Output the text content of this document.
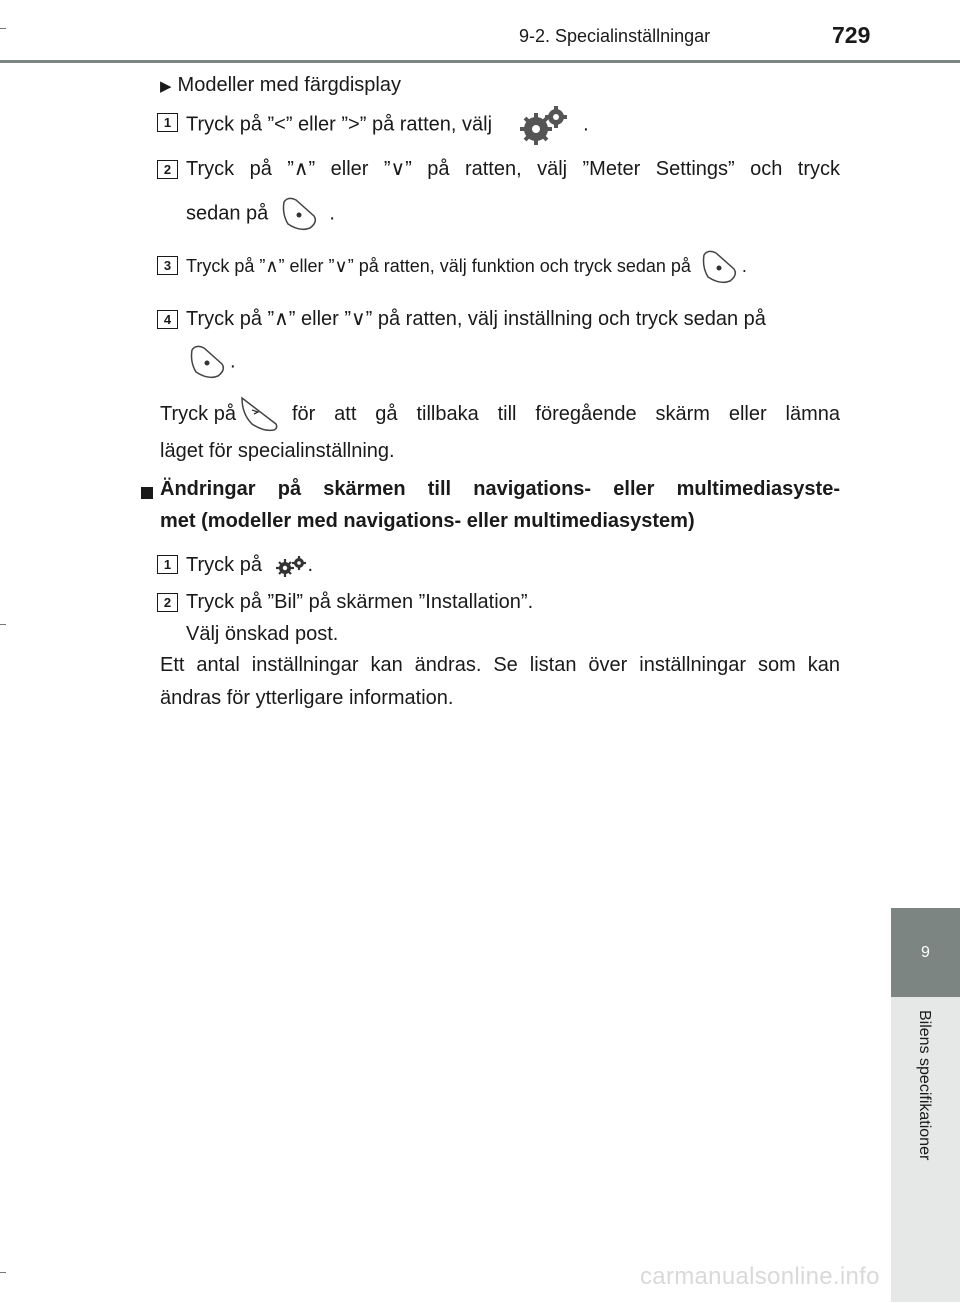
9-2. Specialinställningar	729
9
Bilens specifikationer
▶ Modeller med färgdisplay
1 Tryck på ”<” eller ”>” på ratten, välj	.
2 Tryck på ”∧” eller ”∨” på ratten, välj ”Meter Settings” och tryck
sedan på	.
3 Tryck på ”∧” eller ”∨” på ratten, välj funktion och tryck sedan på	.
4 Tryck på ”∧” eller ”∨” på ratten, välj inställning och tryck sedan på
.
Tryck på	för att gå tillbaka till föregående skärm eller lämna
läget för specialinställning.
Ändringar på skärmen till navigations- eller multimediasyste-
met (modeller med navigations- eller multimediasystem)
1 Tryck på .
2 Tryck på ”Bil” på skärmen ”Installation”.
Välj önskad post.
Ett antal inställningar kan ändras. Se listan över inställningar som kan ändras för ytterligare information.
carmanualsonline.info
